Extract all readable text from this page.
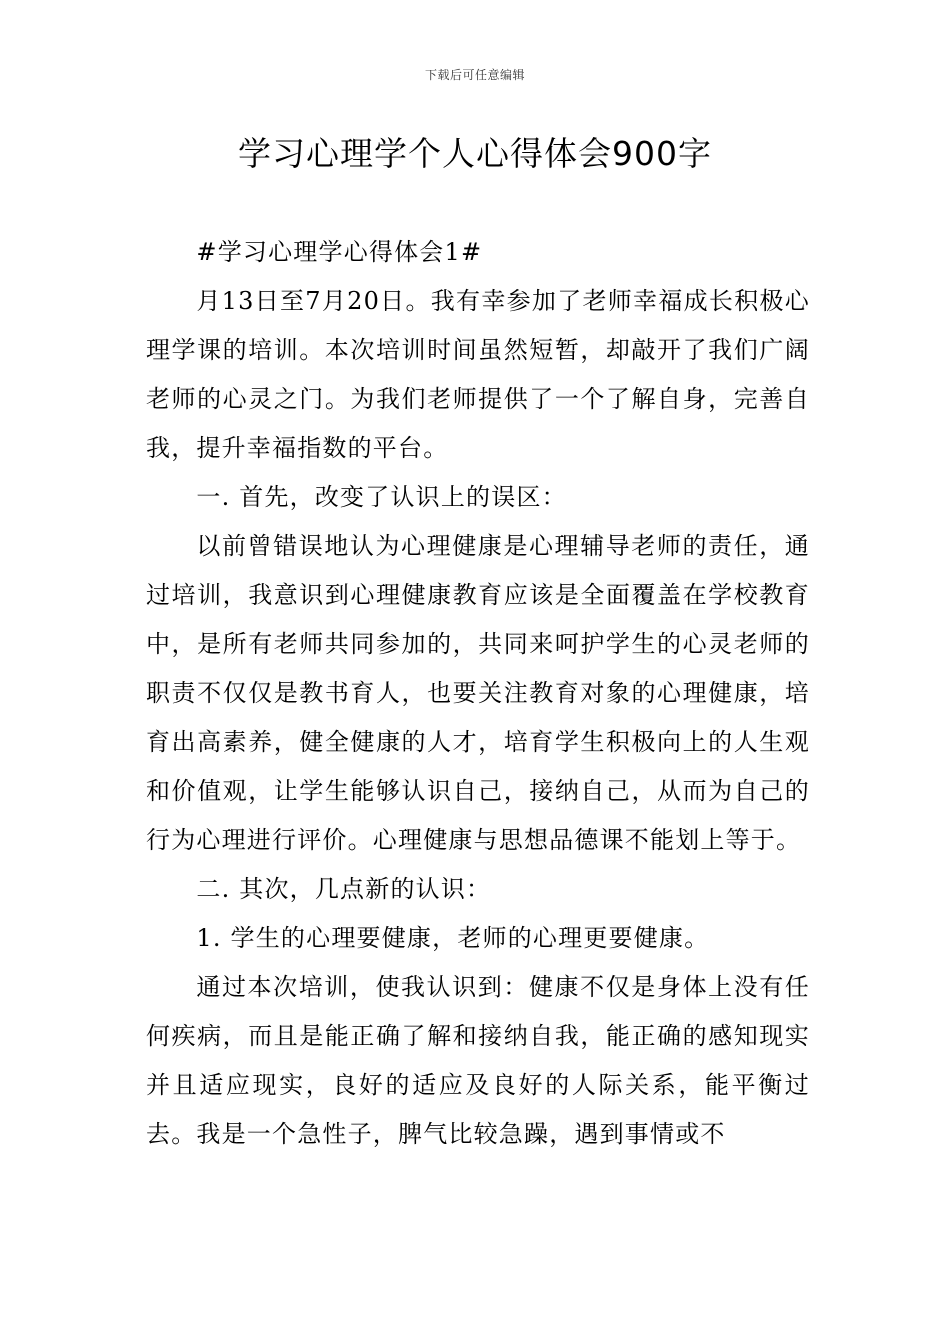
下载后可任意编辑
学习心理学个人心得体会900字

#学习心理学心得体会1#

月13日至7月20日。我有幸参加了老师幸福成长积极心理学课的培训。本次培训时间虽然短暂，却敲开了我们广阔老师的心灵之门。为我们老师提供了一个了解自身，完善自我，提升幸福指数的平台。

一. 首先，改变了认识上的误区：

以前曾错误地认为心理健康是心理辅导老师的责任，通过培训，我意识到心理健康教育应该是全面覆盖在学校教育中，是所有老师共同参加的，共同来呵护学生的心灵老师的职责不仅仅是教书育人，也要关注教育对象的心理健康，培育出高素养，健全健康的人才，培育学生积极向上的人生观和价值观，让学生能够认识自己，接纳自己，从而为自己的行为心理进行评价。心理健康与思想品德课不能划上等于。

二. 其次，几点新的认识：

1. 学生的心理要健康，老师的心理更要健康。

通过本次培训，使我认识到：健康不仅是身体上没有任何疾病，而且是能正确了解和接纳自我，能正确的感知现实并且适应现实，良好的适应及良好的人际关系，能平衡过去。我是一个急性子，脾气比较急躁，遇到事情或不
